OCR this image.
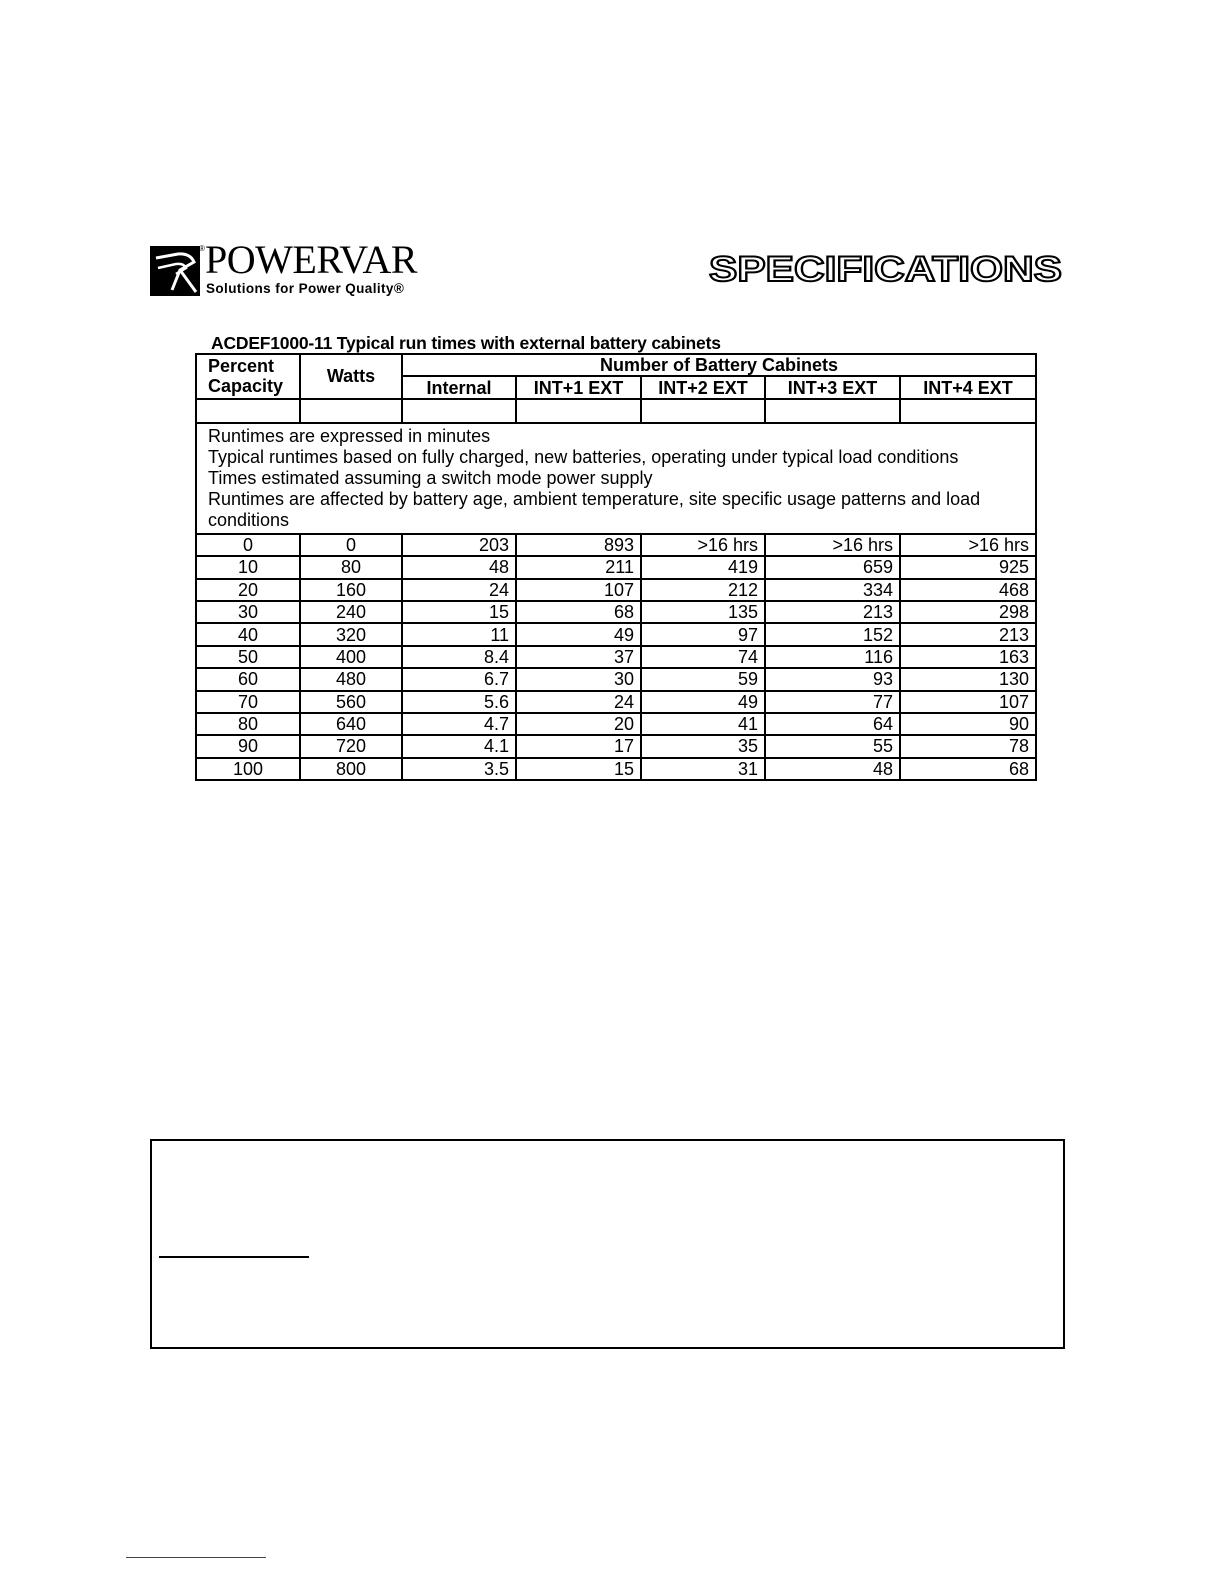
® POWERVAR
Solutions for Power Quality®	SPECIFICATIONS
ACDEF1000-11 Typical run times with external battery cabinets
Percent Capacity	Watts	Number of Battery Cabinets				
		Internal	INT+1 EXT	INT+2 EXT	INT+3 EXT	INT+4 EXT

Runtimes are expressed in minutes
Typical runtimes based on fully charged, new batteries, operating under typical load conditions
Times estimated assuming a switch mode power supply
Runtimes are affected by battery age, ambient temperature, site specific usage patterns and load conditions						

0	0	203	893	>16 hrs	>16 hrs	>16 hrs
10	80	48	211	419	659	925
20	160	24	107	212	334	468
30	240	15	68	135	213	298
40	320	11	49	97	152	213
50	400	8.4	37	74	116	163
60	480	6.7	30	59	93	130
70	560	5.6	24	49	77	107
80	640	4.7	20	41	64	90
90	720	4.1	17	35	55	78
100	800	3.5	15	31	48	68
